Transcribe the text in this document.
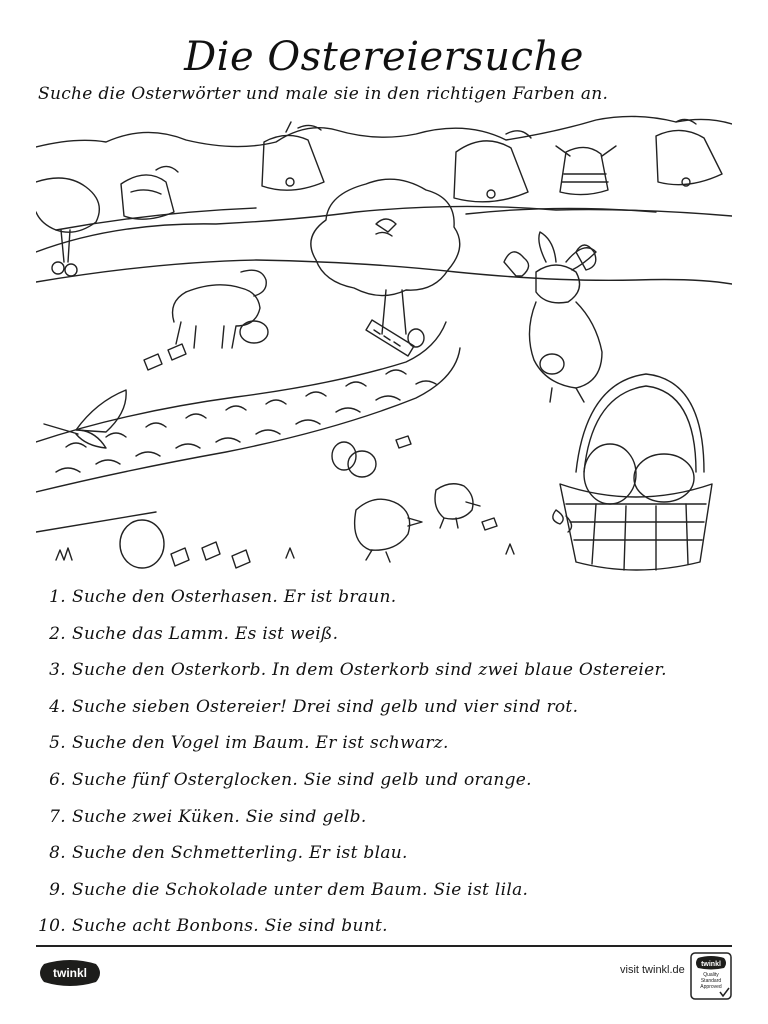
Die Ostereiersuche
Suche die Osterwörter und male sie in den richtigen Farben an.
1. Suche den Osterhasen. Er ist braun.
2. Suche das Lamm. Es ist weiß.
3. Suche den Osterkorb. In dem Osterkorb sind zwei blaue Ostereier.
4. Suche sieben Ostereier! Drei sind gelb und vier sind rot.
5. Suche den Vogel im Baum. Er ist schwarz.
6. Suche fünf Osterglocken. Sie sind gelb und orange.
7. Suche zwei Küken. Sie sind gelb.
8. Suche den Schmetterling. Er ist blau.
9. Suche die Schokolade unter dem Baum. Sie ist lila.
10. Suche acht Bonbons. Sie sind bunt.
twinkl	visit twinkl.de twinkl
Quality Standard Approved
